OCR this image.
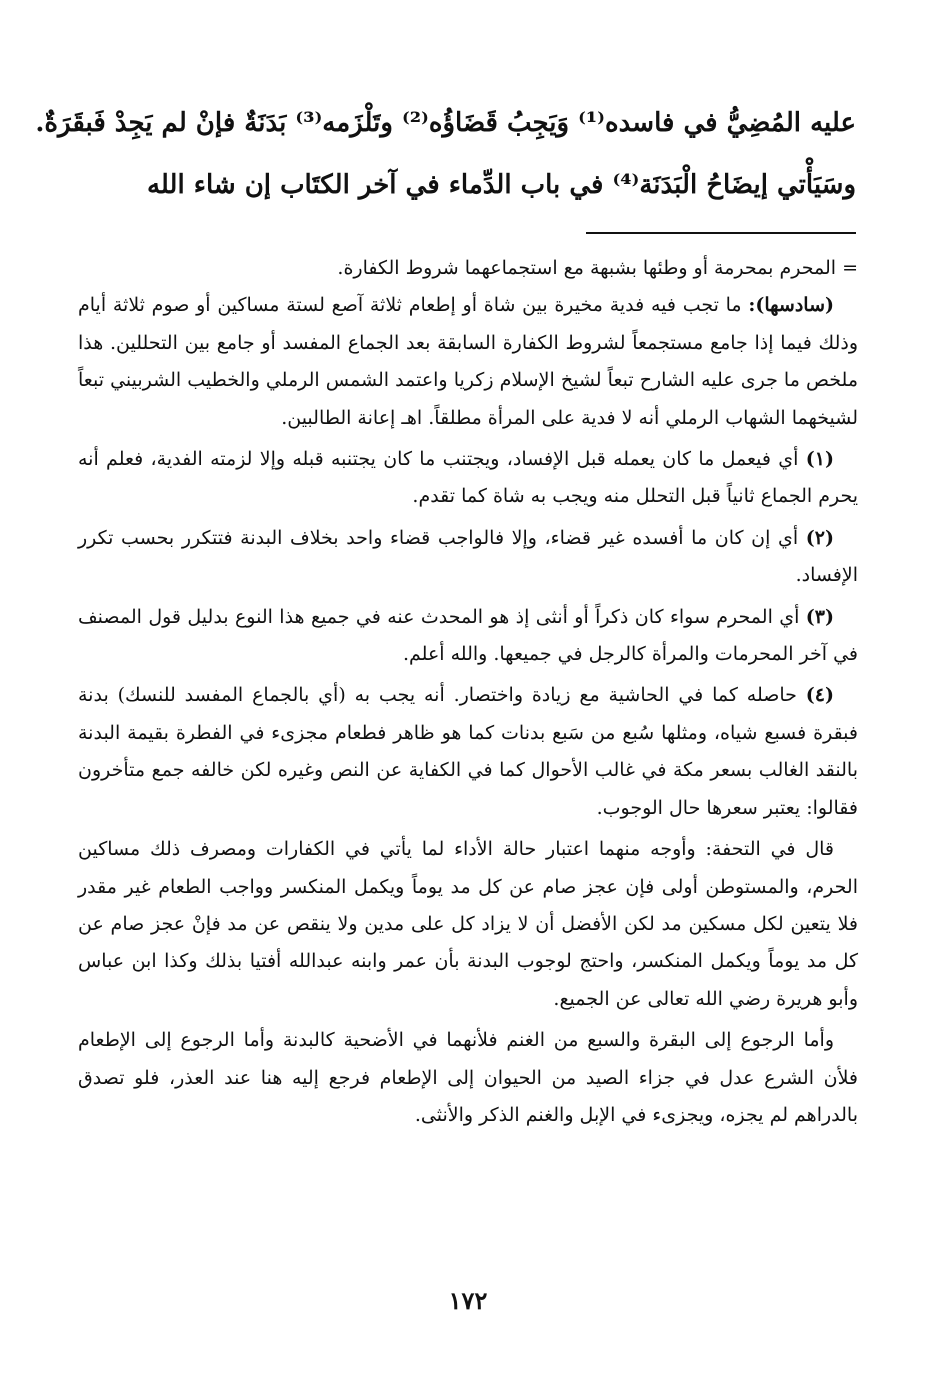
عليه المُضِيُّ في فاسده⁽¹⁾ وَيَجِبُ قَضَاؤُه⁽²⁾ وتَلْزَمه⁽³⁾ بَدَنَةٌ فإنْ لم يَجِدْ فَبقَرَةٌ.

وسَيَأْتي إيضَاحُ الْبَدَنَة⁽⁴⁾ في باب الدِّماء في آخر الكتَاب إن شاء الله

= المحرم بمحرمة أو وطئها بشبهة مع استجماعهما شروط الكفارة.

(سادسها): ما تجب فيه فدية مخيرة بين شاة أو إطعام ثلاثة آصع لستة مساكين أو صوم ثلاثة أيام وذلك فيما إذا جامع مستجمعاً لشروط الكفارة السابقة بعد الجماع المفسد أو جامع بين التحللين. هذا ملخص ما جرى عليه الشارح تبعاً لشيخ الإسلام زكريا واعتمد الشمس الرملي والخطيب الشربيني تبعاً لشيخهما الشهاب الرملي أنه لا فدية على المرأة مطلقاً. اهـ إعانة الطالبين.

(١) أي فيعمل ما كان يعمله قبل الإفساد، ويجتنب ما كان يجتنبه قبله وإلا لزمته الفدية، فعلم أنه يحرم الجماع ثانياً قبل التحلل منه ويجب به شاة كما تقدم.

(٢) أي إن كان ما أفسده غير قضاء، وإلا فالواجب قضاء واحد بخلاف البدنة فتتكرر بحسب تكرر الإفساد.

(٣) أي المحرم سواء كان ذكراً أو أنثى إذ هو المحدث عنه في جميع هذا النوع بدليل قول المصنف في آخر المحرمات والمرأة كالرجل في جميعها. والله أعلم.

(٤) حاصله كما في الحاشية مع زيادة واختصار. أنه يجب به (أي بالجماع المفسد للنسك) بدنة فبقرة فسبع شياه، ومثلها سُبع من سَبع بدنات كما هو ظاهر فطعام مجزىء في الفطرة بقيمة البدنة بالنقد الغالب بسعر مكة في غالب الأحوال كما في الكفاية عن النص وغيره لكن خالفه جمع متأخرون فقالوا: يعتبر سعرها حال الوجوب.

قال في التحفة: وأوجه منهما اعتبار حالة الأداء لما يأتي في الكفارات ومصرف ذلك مساكين الحرم، والمستوطن أولى فإن عجز صام عن كل مد يوماً ويكمل المنكسر وواجب الطعام غير مقدر فلا يتعين لكل مسكين مد لكن الأفضل أن لا يزاد كل على مدين ولا ينقص عن مد فإنْ عجز صام عن كل مد يوماً ويكمل المنكسر، واحتج لوجوب البدنة بأن عمر وابنه عبدالله أفتيا بذلك وكذا ابن عباس وأبو هريرة رضي الله تعالى عن الجميع.

وأما الرجوع إلى البقرة والسبع من الغنم فلأنهما في الأضحية كالبدنة وأما الرجوع إلى الإطعام فلأن الشرع عدل في جزاء الصيد من الحيوان إلى الإطعام فرجع إليه هنا عند العذر، فلو تصدق بالدراهم لم يجزه، ويجزىء في الإبل والغنم الذكر والأنثى.

١٧٢
